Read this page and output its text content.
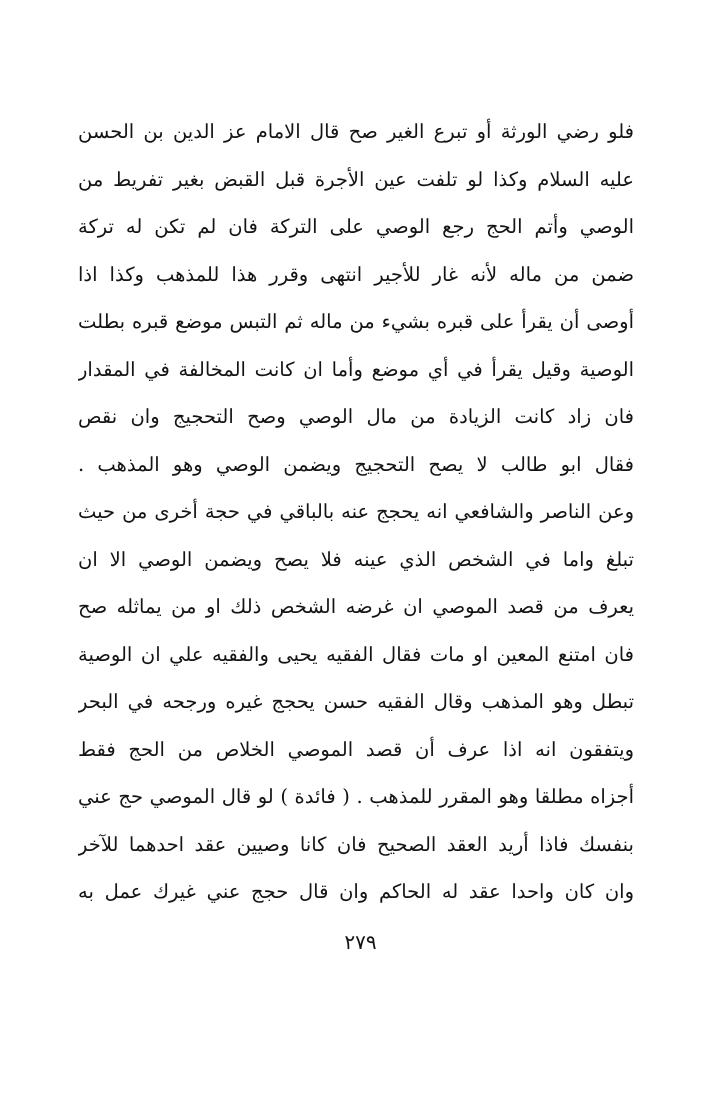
فلو رضي الورثة أو تبرع الغير صح قال الامام عز الدين بن الحسن
عليه السلام وكذا لو تلفت عين الأجرة قبل القبض بغير تفريط من
الوصي وأتم الحج رجع الوصي على التركة فان لم تكن له تركة
ضمن من ماله لأنه غار للأجير انتهى وقرر هذا للمذهب وكذا اذا
أوصى أن يقرأ على قبره بشيء من ماله ثم التبس موضع قبره بطلت
الوصية وقيل يقرأ في أي موضع وأما ان كانت المخالفة في المقدار
فان زاد كانت الزيادة من مال الوصي وصح التحجيج وان نقص
فقال ابو طالب لا يصح التحجيج ويضمن الوصي وهو المذهب .
وعن الناصر والشافعي انه يحجج عنه بالباقي في حجة أخرى من حيث
تبلغ واما في الشخص الذي عينه فلا يصح ويضمن الوصي الا ان
يعرف من قصد الموصي ان غرضه الشخص ذلك او من يماثله صح
فان امتنع المعين او مات فقال الفقيه يحيى والفقيه علي ان الوصية
تبطل وهو المذهب وقال الفقيه حسن يحجج غيره ورجحه في البحر
ويتفقون انه اذا عرف أن قصد الموصي الخلاص من الحج فقط
أجزاه مطلقا وهو المقرر للمذهب . ( فائدة ) لو قال الموصي حج عني
بنفسك فاذا أريد العقد الصحيح فان كانا وصيين عقد احدهما للآخر
وان كان واحدا عقد له الحاكم وان قال حجج عني غيرك عمل به
٢٧٩
